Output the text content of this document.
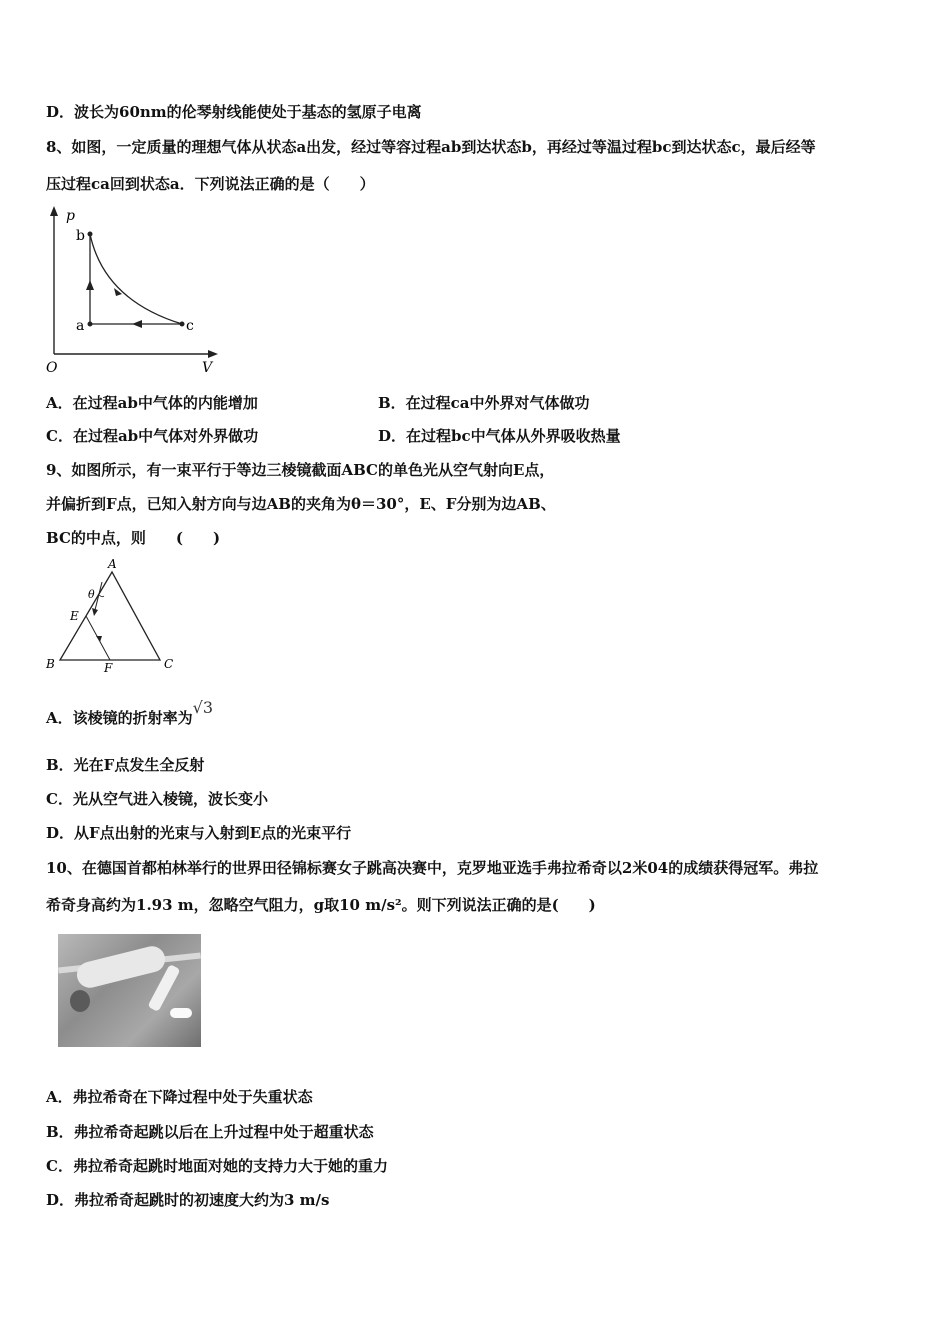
D．波长为60nm的伦琴射线能使处于基态的氢原子电离
8、如图，一定质量的理想气体从状态a出发，经过等容过程ab到达状态b，再经过等温过程bc到达状态c，最后经等
压过程ca回到状态a．下列说法正确的是（　　）
p
V
O
b
a	c
A．在过程ab中气体的内能增加	B．在过程ca中外界对气体做功
C．在过程ab中气体对外界做功	D．在过程bc中气体从外界吸收热量
9、如图所示，有一束平行于等边三棱镜截面ABC的单色光从空气射向E点，
并偏折到F点，已知入射方向与边AB的夹角为θ＝30°，E、F分别为边AB、
BC的中点，则　　(　　)
A
B	C
E
F
θ
A．该棱镜的折射率为√3
B．光在F点发生全反射
C．光从空气进入棱镜，波长变小
D．从F点出射的光束与入射到E点的光束平行
10、在德国首都柏林举行的世界田径锦标赛女子跳高决赛中，克罗地亚选手弗拉希奇以2米04的成绩获得冠军。弗拉
希奇身高约为1.93 m，忽略空气阻力，g取10 m/s²。则下列说法正确的是(　　)
A．弗拉希奇在下降过程中处于失重状态
B．弗拉希奇起跳以后在上升过程中处于超重状态
C．弗拉希奇起跳时地面对她的支持力大于她的重力
D．弗拉希奇起跳时的初速度大约为3 m/s
